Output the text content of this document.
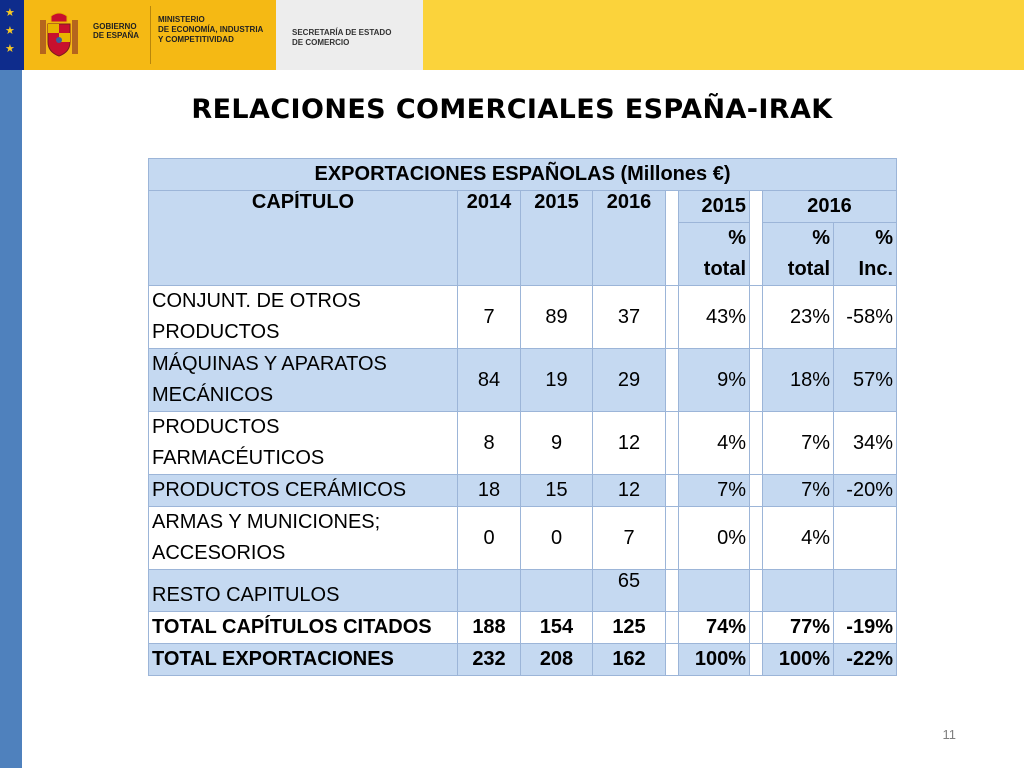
★
★
★
GOBIERNO
DE ESPAÑA
MINISTERIO
DE ECONOMÍA, INDUSTRIA
Y COMPETITIVIDAD
SECRETARÍA DE ESTADO
DE COMERCIO
RELACIONES COMERCIALES ESPAÑA-IRAK
EXPORTACIONES ESPAÑOLAS (Millones €)								
CAPÍTULO	2014	2015	2016		2015		2016	
					% total		% total	% Inc.
CONJUNT. DE OTROS PRODUCTOS	7	89	37		43%		23%	-58%
MÁQUINAS Y APARATOS MECÁNICOS	84	19	29		9%		18%	57%
PRODUCTOS FARMACÉUTICOS	8	9	12		4%		7%	34%
PRODUCTOS CERÁMICOS	18	15	12		7%		7%	-20%
ARMAS Y MUNICIONES; ACCESORIOS	0	0	7		0%		4%	
RESTO CAPITULOS			65					
TOTAL CAPÍTULOS CITADOS	188	154	125		74%		77%	-19%
TOTAL EXPORTACIONES	232	208	162		100%		100%	-22%
11
